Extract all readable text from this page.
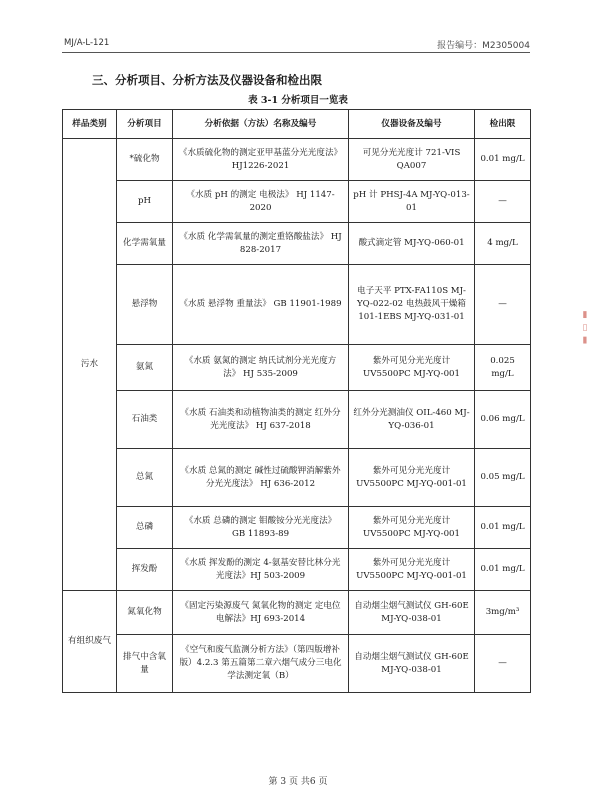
MJ/A-L-121	报告编号：M2305004
三、分析项目、分析方法及仪器设备和检出限
表 3-1 分析项目一览表
样品类别	分析项目	分析依据（方法）名称及编号	仪器设备及编号	检出限
污水	*硫化物	《水质硫化物的测定亚甲基蓝分光光度法》HJ1226-2021	可见分光光度计 721-VIS QA007	0.01 mg/L
	pH	《水质 pH 的测定 电极法》 HJ 1147-2020	pH 计 PHSJ-4A MJ-YQ-013-01	—
	化学需氧量	《水质 化学需氧量的测定重铬酸盐法》 HJ 828-2017	酸式滴定管 MJ-YQ-060-01	4 mg/L
	悬浮物	《水质 悬浮物 重量法》 GB 11901-1989	电子天平 PTX-FA110S MJ-YQ-022-02 电热鼓风干燥箱 101-1EBS MJ-YQ-031-01	—
	氨氮	《水质 氨氮的测定 纳氏试剂分光光度方法》 HJ 535-2009	紫外可见分光光度计 UV5500PC MJ-YQ-001	0.025 mg/L
	石油类	《水质 石油类和动植物油类的测定 红外分光光度法》 HJ 637-2018	红外分光测油仪 OIL-460 MJ-YQ-036-01	0.06 mg/L
	总氮	《水质 总氮的测定 碱性过硫酸钾消解紫外分光光度法》 HJ 636-2012	紫外可见分光光度计 UV5500PC MJ-YQ-001-01	0.05 mg/L
	总磷	《水质 总磷的测定 钼酸铵分光光度法》 GB 11893-89	紫外可见分光光度计 UV5500PC MJ-YQ-001	0.01 mg/L
	挥发酚	《水质 挥发酚的测定 4-氨基安替比林分光光度法》HJ 503-2009	紫外可见分光光度计 UV5500PC MJ-YQ-001-01	0.01 mg/L
有组织废气	氮氧化物	《固定污染源废气 氮氧化物的测定 定电位电解法》HJ 693-2014	自动烟尘烟气测试仪 GH-60E MJ-YQ-038-01	3mg/m³
	排气中含氧量	《空气和废气监测分析方法》（第四版增补版）4.2.3 第五篇第二章六烟气成分三电化学法测定氧（B）	自动烟尘烟气测试仪 GH-60E MJ-YQ-038-01	—
▮ ▯ ▮
第 3 页 共6 页
